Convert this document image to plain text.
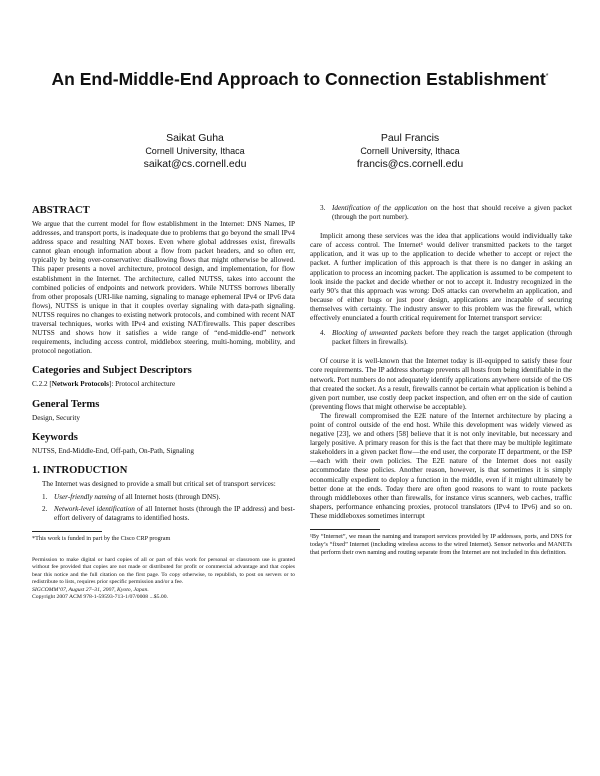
An End-Middle-End Approach to Connection Establishment*
Saikat Guha
Cornell University, Ithaca
saikat@cs.cornell.edu
Paul Francis
Cornell University, Ithaca
francis@cs.cornell.edu
ABSTRACT

We argue that the current model for flow establishment in the Internet: DNS Names, IP addresses, and transport ports, is inadequate due to problems that go beyond the small IPv4 address space and resulting NAT boxes. Even where global addresses exist, firewalls cannot glean enough information about a flow from packet headers, and so often err, typically by being over-conservative: disallowing flows that might otherwise be allowed. This paper presents a novel architecture, protocol design, and implementation, for flow establishment in the Internet. The architecture, called NUTSS, takes into account the combined policies of endpoints and network providers. While NUTSS borrows liberally from other proposals (URI-like naming, signaling to manage ephemeral IPv4 or IPv6 data flows), NUTSS is unique in that it couples overlay signaling with data-path signaling. NUTSS requires no changes to existing network protocols, and combined with recent NAT traversal techniques, works with IPv4 and existing NAT/firewalls. This paper describes NUTSS and shows how it satisfies a wide range of “end-middle-end” network requirements, including access control, middlebox steering, multi-homing, mobility, and protocol negotiation.

Categories and Subject Descriptors

C.2.2 [Network Protocols]: Protocol architecture

General Terms

Design, Security

Keywords

NUTSS, End-Middle-End, Off-path, On-Path, Signaling

1. INTRODUCTION

The Internet was designed to provide a small but critical set of transport services:

1. User-friendly naming of all Internet hosts (through DNS).
2. Network-level identification of all Internet hosts (through the IP address) and best-effort delivery of datagrams to identified hosts.

*This work is funded in part by the Cisco CRP program

Permission to make digital or hard copies of all or part of this work for personal or classroom use is granted without fee provided that copies are not made or distributed for profit or commercial advantage and that copies bear this notice and the full citation on the first page. To copy otherwise, to republish, to post on servers or to redistribute to lists, requires prior specific permission and/or a fee.

SIGCOMM’07, August 27–31, 2007, Kyoto, Japan.

Copyright 2007 ACM 978-1-59593-713-1/07/0008 ...$5.00.

3. Identification of the application on the host that should receive a given packet (through the port number).

Implicit among these services was the idea that applications would individually take care of access control. The Internet¹ would deliver transmitted packets to the target application, and it was up to the application to decide whether to accept or reject the packet. A further implication of this approach is that there is no danger in asking an application to process an incoming packet. The application is assumed to be competent to look inside the packet and decide whether or not to accept it. Industry recognized in the early 90’s that this approach was wrong: DoS attacks can overwhelm an application, and because of either bugs or just poor design, applications are incapable of securing themselves with certainty. The industry answer to this problem was the firewall, which effectively enunciated a fourth critical requirement for Internet transport service:

4. Blocking of unwanted packets before they reach the target application (through packet filters in firewalls).

Of course it is well-known that the Internet today is ill-equipped to satisfy these four core requirements. The IP address shortage prevents all hosts from being identifiable in the network. Port numbers do not adequately identify applications anywhere outside of the OS that created the socket. As a result, firewalls cannot be certain what application is behind a given port number, use costly deep packet inspection, and often err on the side of caution (preventing flows that might otherwise be acceptable).

The firewall compromised the E2E nature of the Internet architecture by placing a point of control outside of the end host. While this development was widely viewed as negative [23], we and others [58] believe that it is not only inevitable, but necessary and largely positive. A primary reason for this is the fact that there may be multiple legitimate stakeholders in a given packet flow—the end user, the corporate IT department, or the ISP—each with their own policies. The E2E nature of the Internet does not easily accommodate these policies. Another reason, however, is that sometimes it is simply economically expedient to deploy a function in the middle, even if it might ultimately be better done at the ends. Today there are often good reasons to want to route packets through middleboxes other than firewalls, for instance virus scanners, web caches, traffic shapers, performance enhancing proxies, protocol translators (IPv4 to IPv6) and so on. These middleboxes sometimes interrupt

¹By “Internet”, we mean the naming and transport services provided by IP addresses, ports, and DNS for today’s “fixed” Internet (including wireless access to the wired Internet). Sensor networks and MANETs that perform their own naming and routing separate from the Internet are not included in this definition.
